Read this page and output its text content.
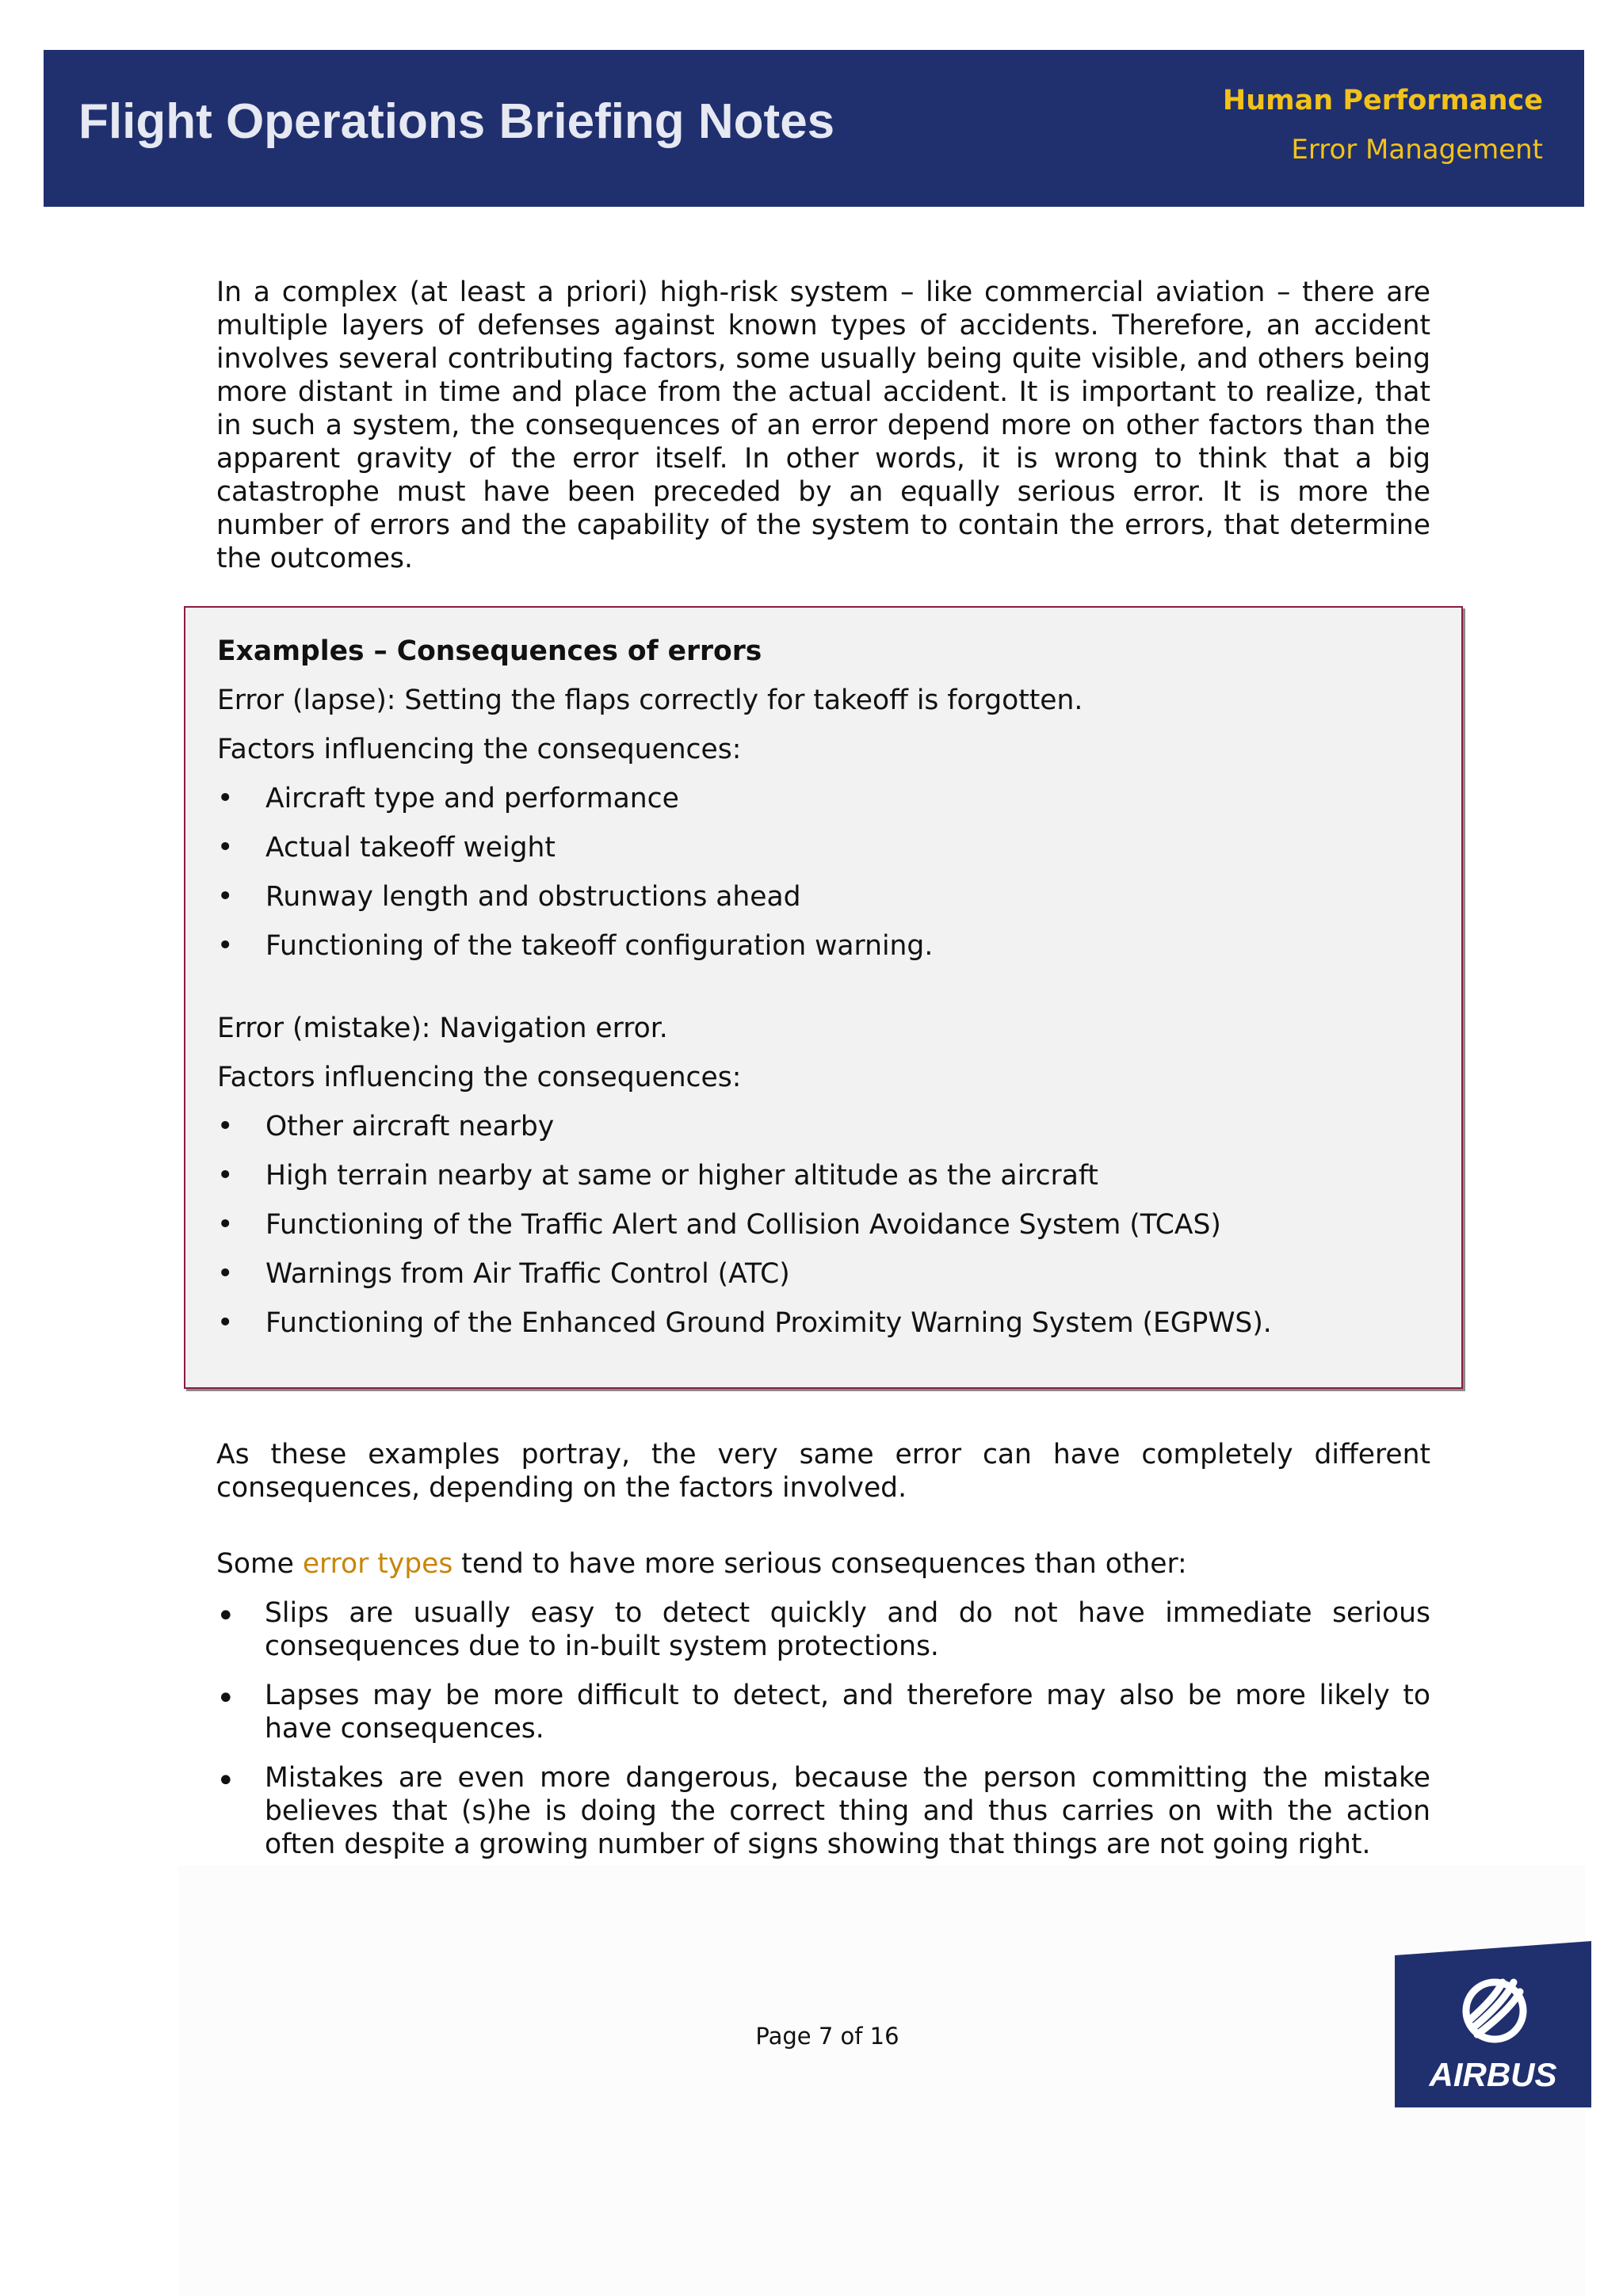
Flight Operations Briefing Notes	Human Performance
Error Management

In a complex (at least a priori) high-risk system – like commercial aviation – there are multiple layers of defenses against known types of accidents. Therefore, an accident involves several contributing factors, some usually being quite visible, and others being more distant in time and place from the actual accident. It is important to realize, that in such a system, the consequences of an error depend more on other factors than the apparent gravity of the error itself. In other words, it is wrong to think that a big catastrophe must have been preceded by an equally serious error. It is more the number of errors and the capability of the system to contain the errors, that determine the outcomes.

Examples – Consequences of errors

Error (lapse): Setting the flaps correctly for takeoff is forgotten.

Factors influencing the consequences:

• Aircraft type and performance
• Actual takeoff weight
• Runway length and obstructions ahead
• Functioning of the takeoff configuration warning.

Error (mistake): Navigation error.

Factors influencing the consequences:

• Other aircraft nearby
• High terrain nearby at same or higher altitude as the aircraft
• Functioning of the Traffic Alert and Collision Avoidance System (TCAS)
• Warnings from Air Traffic Control (ATC)
• Functioning of the Enhanced Ground Proximity Warning System (EGPWS).

As these examples portray, the very same error can have completely different consequences, depending on the factors involved.

Some error types tend to have more serious consequences than other:

• Slips are usually easy to detect quickly and do not have immediate serious consequences due to in-built system protections.
• Lapses may be more difficult to detect, and therefore may also be more likely to have consequences.
• Mistakes are even more dangerous, because the person committing the mistake believes that (s)he is doing the correct thing and thus carries on with the action often despite a growing number of signs showing that things are not going right.
Page 7 of 16
AIRBUS
